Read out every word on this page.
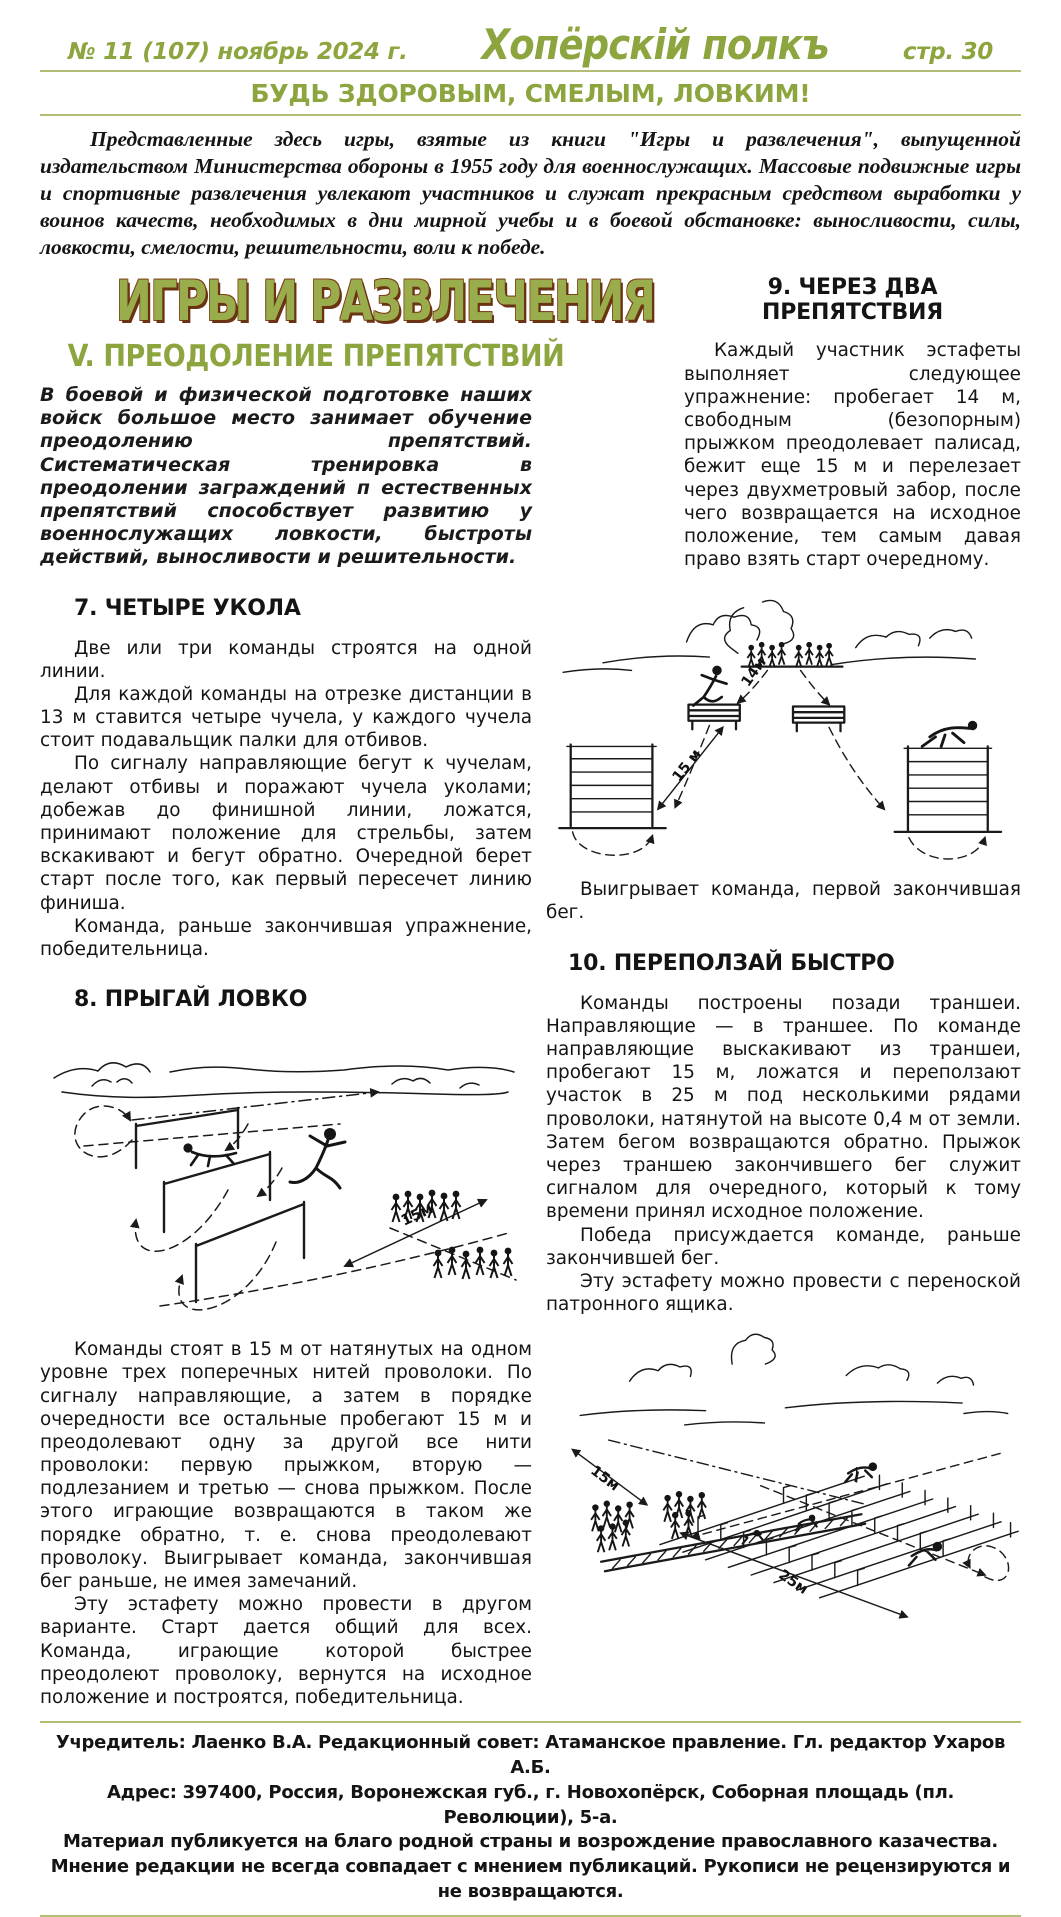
№ 11 (107) ноябрь 2024 г. Хопёрскій полкъ	стр. 30
БУДЬ ЗДОРОВЫМ, СМЕЛЫМ, ЛОВКИМ!

Представленные здесь игры, взятые из книги "Игры и развлечения", выпущенной издательством Министерства обороны в 1955 году для военнослужащих. Массовые подвижные игры и спортивные развлечения увлекают участников и служат прекрасным средством выработки у воинов качеств, необходимых в дни мирной учебы и в боевой обстановке: выносливости, силы, ловкости, смелости, решительности, воли к победе.

ИГРЫ И РАЗВЛЕЧЕНИЯ
V. ПРЕОДОЛЕНИЕ ПРЕПЯТСТВИЙ

В боевой и физической подготовке наших войск большое место занимает обучение преодолению препятствий. Систематическая тренировка в преодолении заграждений п естественных препятствий способствует развитию у военнослужащих ловкости, быстроты действий, выносливости и решительности.

7. ЧЕТЫРЕ УКОЛА

Две или три команды строятся на одной линии.

Для каждой команды на отрезке дистанции в 13 м ставится четыре чучела, у каждого чучела стоит подавальщик палки для отбивов.

По сигналу направляющие бегут к чучелам, делают отбивы и поражают чучела уколами; добежав до финишной линии, ложатся, принимают положение для стрельбы, затем вскакивают и бегут обратно. Очередной берет старт после того, как первый пересечет линию финиша.

Команда, раньше закончившая упражнение, победительница.

8. ПРЫГАЙ ЛОВКО
15м

Команды стоят в 15 м от натянутых на одном уровне трех поперечных нитей проволоки. По сигналу направляющие, а затем в порядке очередности все остальные пробегают 15 м и преодолевают одну за другой все нити проволоки: первую прыжком, вторую — подлезанием и третью — снова прыжком. После этого играющие возвращаются в таком же порядке обратно, т. е. снова преодолевают проволоку. Выигрывает команда, закончившая бег раньше, не имея замечаний.

Эту эстафету можно провести в другом варианте. Старт дается общий для всех. Команда, играющие которой быстрее преодолеют проволоку, вернутся на исходное положение и построятся, победительница.

9. ЧЕРЕЗ ДВА ПРЕПЯТСТВИЯ

Каждый участник эстафеты выполняет следующее упражнение: пробегает 14 м, свободным (безопорным) прыжком преодолевает палисад, бежит еще 15 м и перелезает через двухметровый забор, после чего возвращается на исходное положение, тем самым давая право взять старт очередному.

14м
15 м

Выигрывает команда, первой закончившая бег.

10. ПЕРЕПОЛЗАЙ БЫСТРО

Команды построены позади траншеи. Направляющие — в траншее. По команде направляющие выскакивают из траншеи, пробегают 15 м, ложатся и переползают участок в 25 м под несколькими рядами проволоки, натянутой на высоте 0,4 м от земли. Затем бегом возвращаются обратно. Прыжок через траншею закончившего бег служит сигналом для очередного, который к тому времени принял исходное положение.

Победа присуждается команде, раньше закончившей бег.

Эту эстафету можно провести с переноской патронного ящика.

15м
25м
Учредитель: Лаенко В.А. Редакционный совет: Атаманское правление. Гл. редактор Ухаров А.Б.
Адрес: 397400, Россия, Воронежская губ., г. Новохопёрск, Соборная площадь (пл. Революции), 5-а.
Материал публикуется на благо родной страны и возрождение православного казачества.
Мнение редакции не всегда совпадает с мнением публикаций. Рукописи не рецензируются и не возвращаются.
